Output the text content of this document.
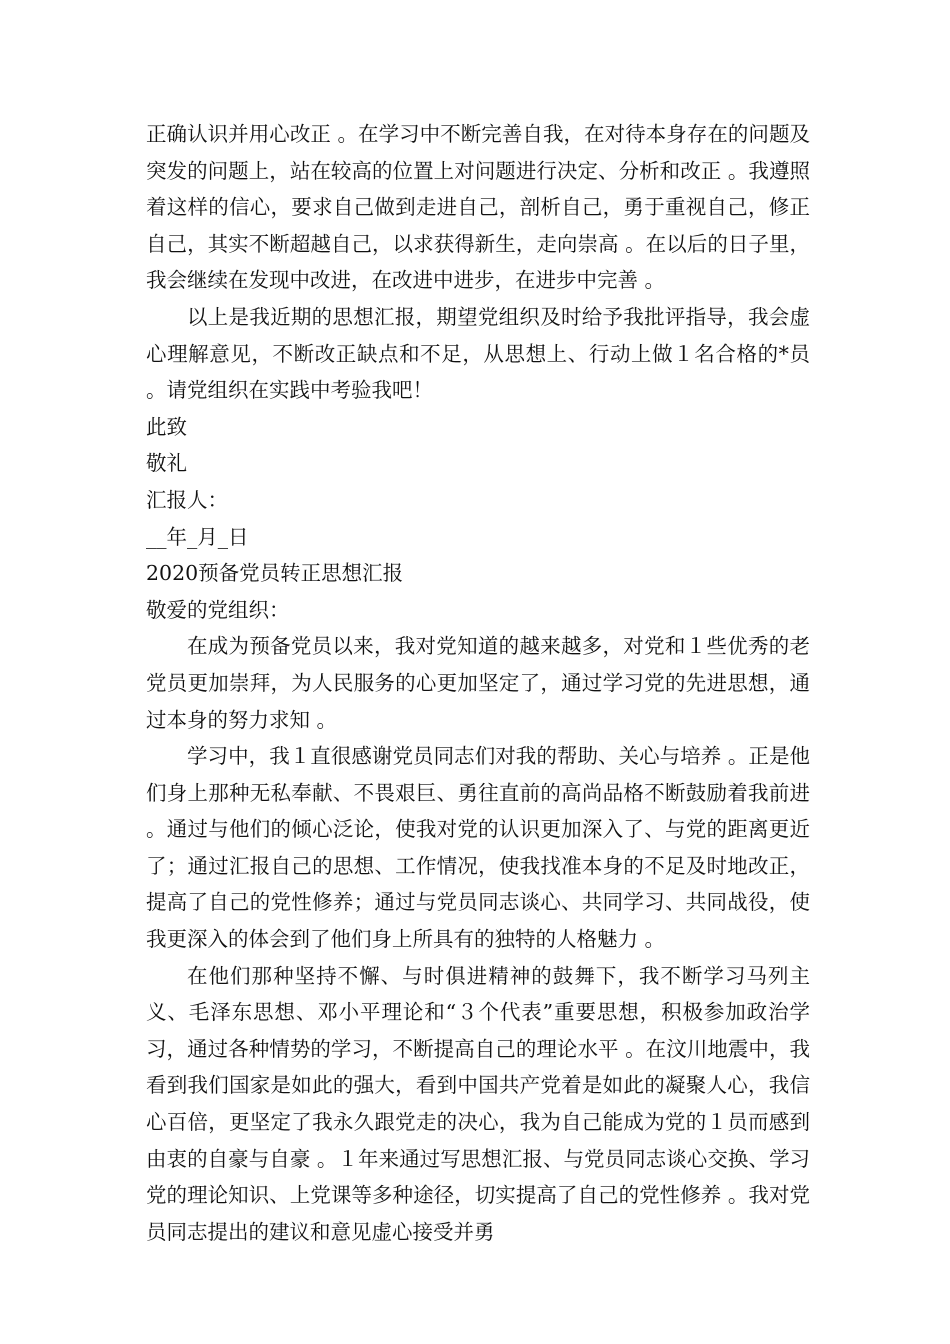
正确认识并用心改正 。在学习中不断完善自我，在对待本身存在的问题及突发的问题上，站在较高的位置上对问题进行决定、分析和改正 。我遵照着这样的信心，要求自己做到走进自己，剖析自己，勇于重视自己，修正自己，其实不断超越自己，以求获得新生，走向崇高 。在以后的日子里，我会继续在发现中改进，在改进中进步，在进步中完善 。

以上是我近期的思想汇报，期望党组织及时给予我批评指导，我会虚心理解意见，不断改正缺点和不足，从思想上、行动上做１名合格的*员 。请党组织在实践中考验我吧！

此致

敬礼

汇报人：

__年_月_日

2020预备党员转正思想汇报

敬爱的党组织：

在成为预备党员以来，我对党知道的越来越多，对党和１些优秀的老党员更加崇拜，为人民服务的心更加坚定了，通过学习党的先进思想，通过本身的努力求知 。

学习中，我１直很感谢党员同志们对我的帮助、关心与培养 。正是他们身上那种无私奉献、不畏艰巨、勇往直前的高尚品格不断鼓励着我前进 。通过与他们的倾心泛论，使我对党的认识更加深入了、与党的距离更近了；通过汇报自己的思想、工作情况，使我找准本身的不足及时地改正，提高了自己的党性修养；通过与党员同志谈心、共同学习、共同战役，使我更深入的体会到了他们身上所具有的独特的人格魅力 。

在他们那种坚持不懈、与时俱进精神的鼓舞下，我不断学习马列主义、毛泽东思想、邓小平理论和“３个代表”重要思想，积极参加政治学习，通过各种情势的学习，不断提高自己的理论水平 。在汶川地震中，我看到我们国家是如此的强大，看到中国共产党着是如此的凝聚人心，我信心百倍，更坚定了我永久跟党走的决心，我为自己能成为党的１员而感到由衷的自豪与自豪 。１年来通过写思想汇报、与党员同志谈心交换、学习党的理论知识、上党课等多种途径，切实提高了自己的党性修养 。我对党员同志提出的建议和意见虚心接受并勇
